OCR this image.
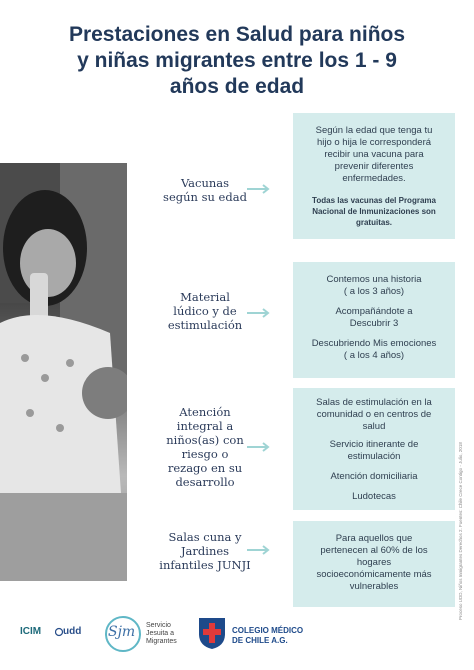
Prestaciones en Salud para niños
y niñas migrantes entre los 1 - 9
años de edad
Vacunas
según su edad
Según la edad que tenga tu
hijo o hija le corresponderá
recibir una vacuna para
prevenir diferentes
enfermedades.
Todas las vacunas del Programa
Nacional de Inmunizaciones son
gratuitas.
Material
lúdico y de
estimulación
Contemos una historia
( a los 3 años)
Acompañándote a
Descubrir 3
Descubriendo Mis emociones
( a los 4 años)
Atención
integral a
niños(as) con
riesgo o
rezago en su
desarrollo
Salas de estimulación en la
comunidad o en centros de
salud
Servicio itinerante de
estimulación
Atención domiciliaria
Ludotecas
Salas cuna y
Jardines
infantiles JUNJI
Para aquellos que
pertenecen al 60% de los
hogares
socioeconómicamente más
vulnerables	Proceso UDD, Niños Inmigrantes Derechos 2. Fuentes: Chile Crece Contigo - Julio, 2018
ICIM udd Sjm Servicio
Jesuita a
Migrantes
COLEGIO MÉDICO
DE CHILE A.G.
